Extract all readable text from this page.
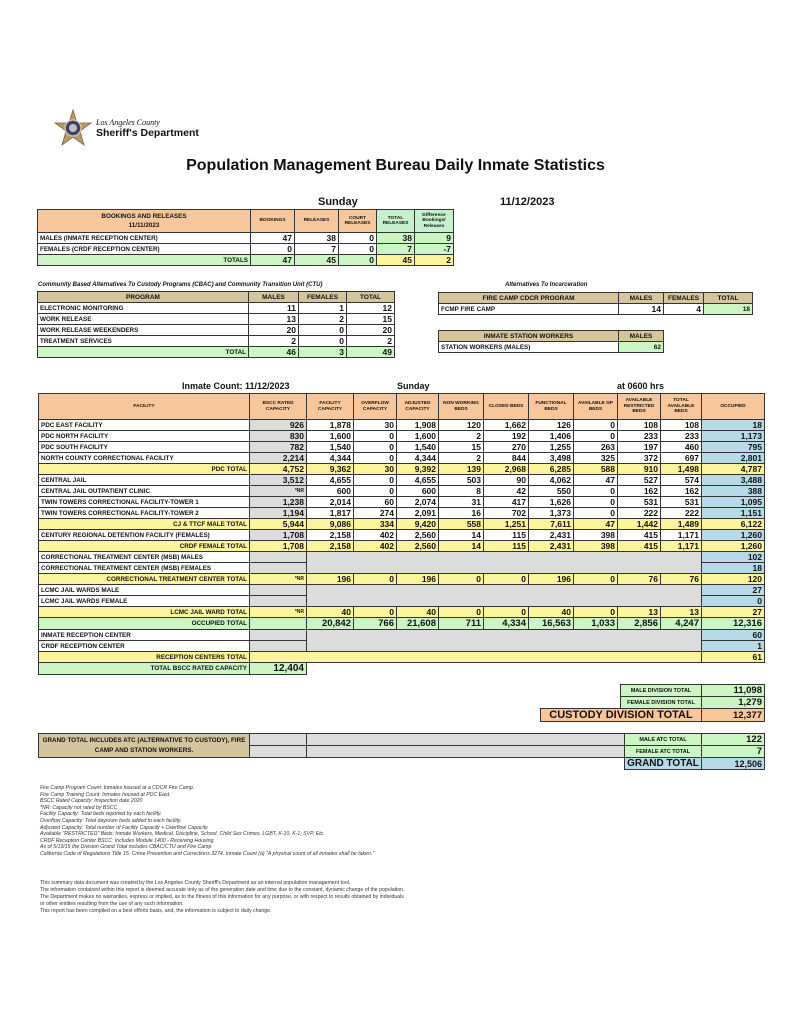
Los Angeles County
Sheriff's Department
Population Management Bureau Daily Inmate Statistics
Sunday	11/12/2023
BOOKINGS AND RELEASES
11/11/2023	BOOKINGS	RELEASES	COURT RELEASES	TOTAL RELEASES	Difference Bookings/ Releases
MALES (INMATE RECEPTION CENTER)	47	38	0	38	9
FEMALES (CRDF RECEPTION CENTER)	0	7	0	7	-7
TOTALS	47	45	0	45	2
Community Based Alternatives To Custody Programs (CBAC) and Community Transition Unit (CTU)
PROGRAM	MALES	FEMALES	TOTAL
ELECTRONIC MONITORING	11	1	12
WORK RELEASE	13	2	15
WORK RELEASE WEEKENDERS	20	0	20
TREATMENT SERVICES	2	0	2
TOTAL	46	3	49
Alternatives To Incarceration
FIRE CAMP CDCR PROGRAM	MALES	FEMALES	TOTAL
FCMP FIRE CAMP	14	4	18
INMATE STATION WORKERS	MALES
STATION WORKERS (MALES)	62
Inmate Count: 11/12/2023	Sunday	at 0600 hrs
FACILITY	BSCC RATED CAPACITY	FACILITY CAPACITY	OVERFLOW CAPACITY	ADJUSTED CAPACITY	NON WORKING BEDS	CLOSED BEDS	FUNCTIONAL BEDS	AVAILABLE GP BEDS	AVAILABLE RESTRICTED BEDS	TOTAL AVAILABLE BEDS	OCCUPIED
PDC EAST FACILITY	926	1,878	30	1,908	120	1,662	126	0	108	108	18
PDC NORTH FACILITY	830	1,600	0	1,600	2	192	1,406	0	233	233	1,173
PDC SOUTH FACILITY	782	1,540	0	1,540	15	270	1,255	263	197	460	795
NORTH COUNTY CORRECTIONAL FACILITY	2,214	4,344	0	4,344	2	844	3,498	325	372	697	2,801
PDC TOTAL	4,752	9,362	30	9,392	139	2,968	6,285	588	910	1,498	4,787
CENTRAL JAIL	3,512	4,655	0	4,655	503	90	4,062	47	527	574	3,488
CENTRAL JAIL OUTPATIENT CLINIC	*NR	600	0	600	8	42	550	0	162	162	388
TWIN TOWERS CORRECTIONAL FACILITY-TOWER 1	1,238	2,014	60	2,074	31	417	1,626	0	531	531	1,095
TWIN TOWERS CORRECTIONAL FACILITY-TOWER 2	1,194	1,817	274	2,091	16	702	1,373	0	222	222	1,151
CJ & TTCF MALE TOTAL	5,944	9,086	334	9,420	558	1,251	7,611	47	1,442	1,489	6,122
CENTURY REGIONAL DETENTION FACILITY (FEMALES)	1,708	2,158	402	2,560	14	115	2,431	398	415	1,171	1,260
CRDF FEMALE TOTAL	1,708	2,158	402	2,560	14	115	2,431	398	415	1,171	1,260
CORRECTIONAL TREATMENT CENTER (MSB) MALES											102
CORRECTIONAL TREATMENT CENTER (MSB) FEMALES											18
CORRECTIONAL TREATMENT CENTER TOTAL	*NR	196	0	196	0	0	196	0	76	76	120
LCMC JAIL WARDS MALE											27
LCMC JAIL WARDS FEMALE											0
LCMC JAIL WARD TOTAL	*NR	40	0	40	0	0	40	0	13	13	27
OCCUPIED TOTAL		20,842	766	21,608	711	4,334	16,563	1,033	2,856	4,247	12,316
INMATE RECEPTION CENTER											60
CRDF RECEPTION CENTER											1
RECEPTION CENTERS TOTAL											61
TOTAL BSCC RATED CAPACITY	12,404										
	MALE DIVISION TOTAL	11,098
	FEMALE DIVISION TOTAL	1,279
CUSTODY DIVISION TOTAL		12,377
GRAND TOTAL INCLUDES ATC (ALTERNATIVE TO CUSTODY), FIRE CAMP AND STATION WORKERS.			MALE ATC TOTAL	122
			FEMALE ATC TOTAL	7
			GRAND TOTAL	12,506
Fire Camp Program Count: Inmates housed at a CDCR Fire Camp.
Fire Camp Training Count: Inmates housed at PDC East.
BSCC Rated Capacity: Inspection date 2020
*NR: Capacity not rated by BSCC
Facility Capacity: Total beds reported by each facility.
Overflow Capacity: Total dayroom beds added to each facility.
Adjusted Capacity: Total number of Facility Capacity + Overflow Capacity
Available "RESTRICTED" Beds: Inmate Workers, Medical, Discipline, School, Child Sex Crimes, LGBT, K-10, K-1, SVP, Etc.
CRDF Reception Center BSCC: Includes Module 1400 - Receiving Housing
As of 5/19/15 the Division Grand Total includes CBAC/CTU and Fire Camp
California Code of Regulations Title 15. Crime Prevention and Corrections 3274. Inmate Count (a) "A physical count of all inmates shall be taken."
This summary data document was created by the Los Angeles County Sheriff's Department as an internal population management tool.
The information contained within this report is deemed accurate only as of the generation date and time due to the constant, dynamic change of the population.
The Department makes no warranties, express or implied, as to the fitness of this information for any purpose, or with respect to results obtained by individuals
or other entities resulting from the use of any such information.
This report has been compiled on a best efforts basis, and, the information is subject to daily change.
